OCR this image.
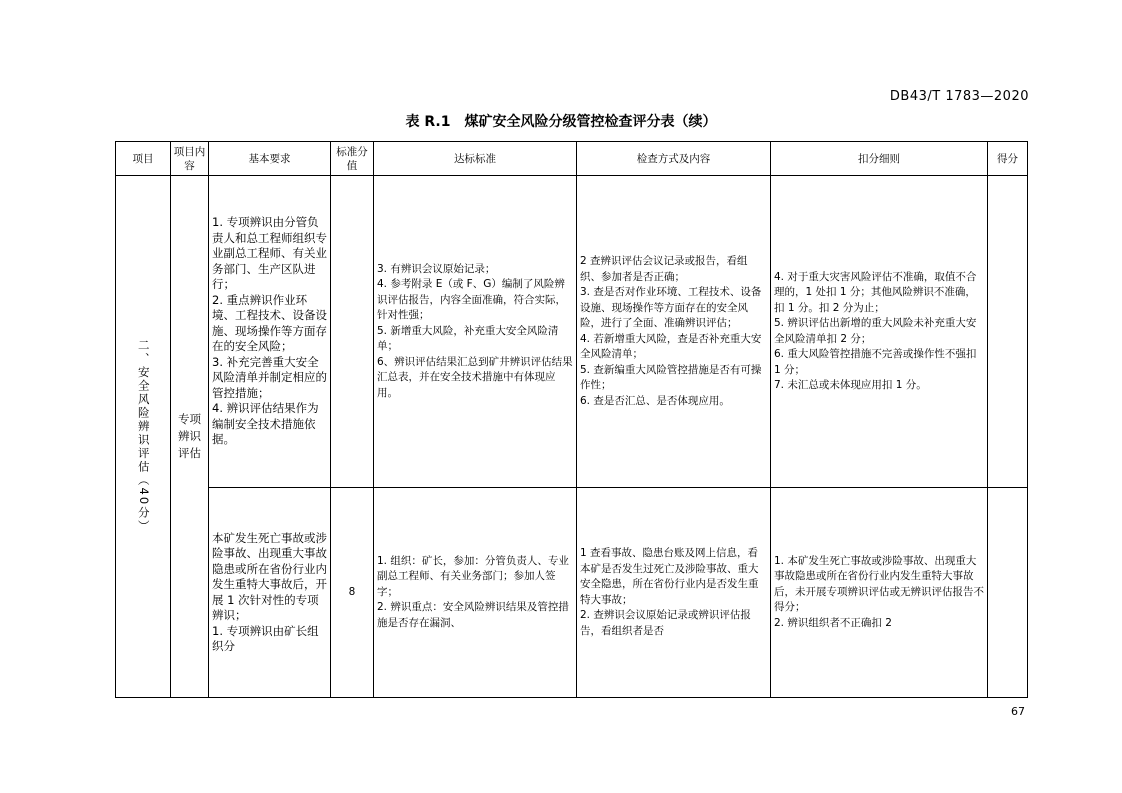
DB43/T 1783—2020
表 R.1　煤矿安全风险分级管控检查评分表（续）
项目	项目内容	基本要求	标准分值	达标标准	检查方式及内容	扣分细则	得分
二、安全风险辨识评估（40分）	专项辨识评估	1. 专项辨识由分管负责人和总工程师组织专业副总工程师、有关业务部门、生产区队进行；
2. 重点辨识作业环境、工程技术、设备设施、现场操作等方面存在的安全风险；
3. 补充完善重大安全风险清单并制定相应的管控措施；
4. 辨识评估结果作为编制安全技术措施依据。		3. 有辨识会议原始记录；
4. 参考附录 E（或 F、G）编制了风险辨识评估报告，内容全面准确，符合实际，针对性强；
5. 新增重大风险，补充重大安全风险清单；
6、辨识评估结果汇总到矿井辨识评估结果汇总表，并在安全技术措施中有体现应用。	2 查辨识评估会议记录或报告，看组织、参加者是否正确；
3. 查是否对作业环境、工程技术、设备设施、现场操作等方面存在的安全风险，进行了全面、准确辨识评估；
4. 若新增重大风险，查是否补充重大安全风险清单；
5. 查新编重大风险管控措施是否有可操作性；
6. 查是否汇总、是否体现应用。	4. 对于重大灾害风险评估不准确，取值不合理的，1 处扣 1 分；其他风险辨识不准确，扣 1 分。扣 2 分为止；
5. 辨识评估出新增的重大风险未补充重大安全风险清单扣 2 分；
6. 重大风险管控措施不完善或操作性不强扣 1 分；
7. 未汇总或未体现应用扣 1 分。	

		本矿发生死亡事故或涉险事故、出现重大事故隐患或所在省份行业内发生重特大事故后，开展 1 次针对性的专项辨识；
1. 专项辨识由矿长组织分	8	1. 组织：矿长，参加：分管负责人、专业副总工程师、有关业务部门；参加人签字；
2. 辨识重点：安全风险辨识结果及管控措施是否存在漏洞、	1 查看事故、隐患台账及网上信息，看本矿是否发生过死亡及涉险事故、重大安全隐患，所在省份行业内是否发生重特大事故；
2. 查辨识会议原始记录或辨识评估报告，看组织者是否	1. 本矿发生死亡事故或涉险事故、出现重大事故隐患或所在省份行业内发生重特大事故后，未开展专项辨识评估或无辨识评估报告不得分；
2. 辨识组织者不正确扣 2	

67
